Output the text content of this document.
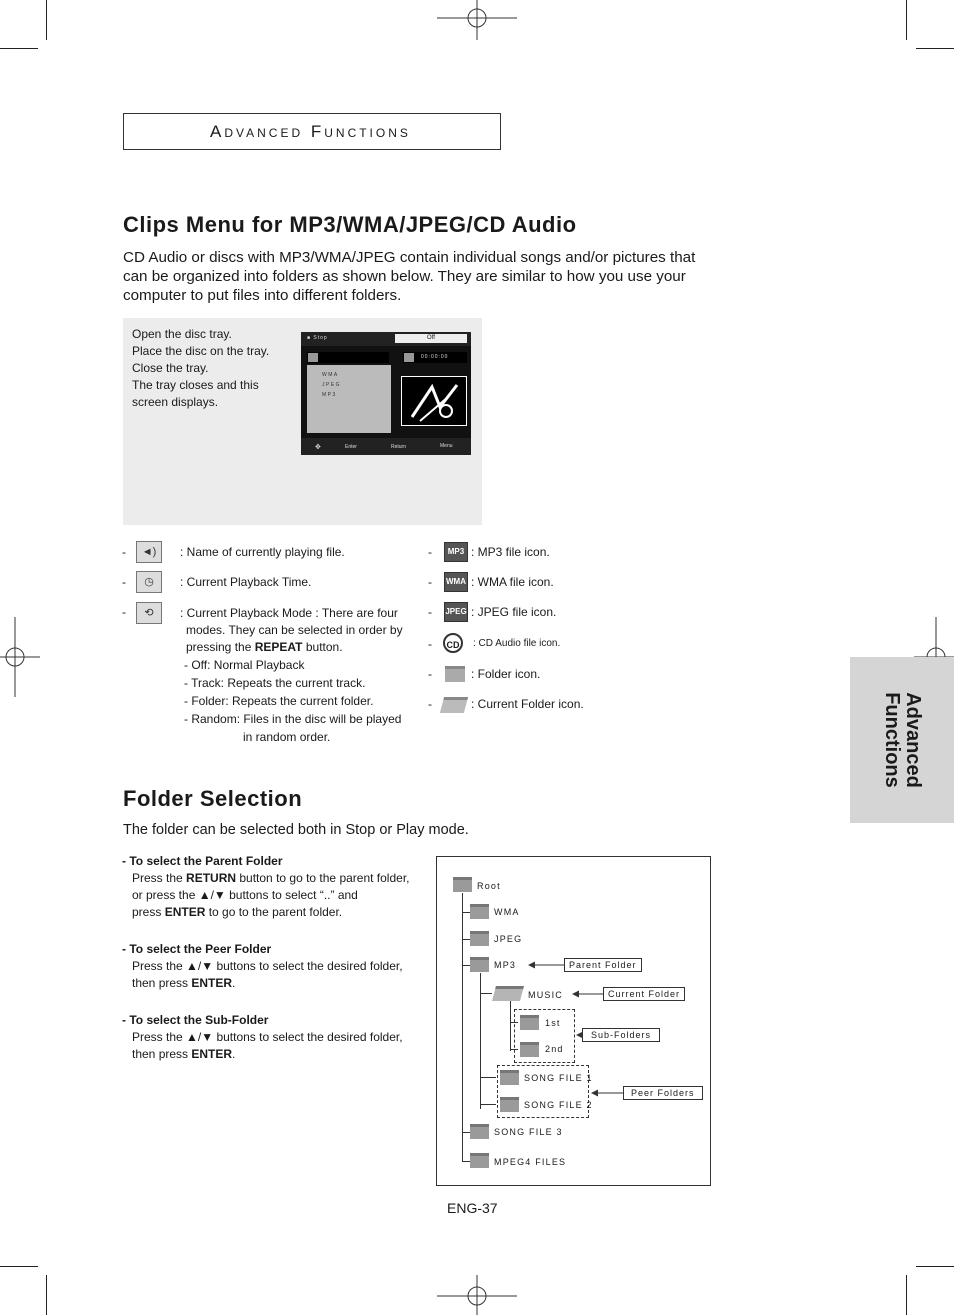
Advanced Functions
Advanced
Functions
Clips Menu for MP3/WMA/JPEG/CD Audio
CD Audio or discs with MP3/WMA/JPEG contain individual songs and/or pictures that can be organized into folders as shown below. They are similar to how you use your computer to put files into different folders.
Open the disc tray.
Place the disc on the tray.
Close the tray.
The tray closes and this
screen displays.
■ Stop	Off
00:00:00
WMA
JPEG
MP3
✥	Enter	Return	Menu
-	◄)	: Name of currently playing file.
-	◷	: Current Playback Time.
-	⟲	: Current Playback Mode : There are four
modes. They can be selected in order by
pressing the REPEAT button.
- Off: Normal Playback
- Track: Repeats the current track.
- Folder: Repeats the current folder.
- Random: Files in the disc will be played
in random order.
-	MP3 : MP3 file icon.
- WMA : WMA file icon.
- JPEG : JPEG file icon.
-	CD	: CD Audio file icon.
-	: Folder icon.
-	: Current Folder icon.
Folder Selection
The folder can be selected both in Stop or Play mode.
- To select the Parent Folder
Press the RETURN button to go to the parent folder,
or press the ▲/▼ buttons to select “..” and
press ENTER to go to the parent folder.
- To select the Peer Folder
Press the ▲/▼ buttons to select the desired folder,
then press ENTER.
- To select the Sub-Folder
Press the ▲/▼ buttons to select the desired folder,
then press ENTER.
Root
WMA
JPEG
MP3
MUSIC
1st
2nd
SONG FILE 1
SONG FILE 2
SONG FILE 3
MPEG4 FILES
Parent Folder
Current Folder
Sub-Folders
Peer Folders
ENG-37
